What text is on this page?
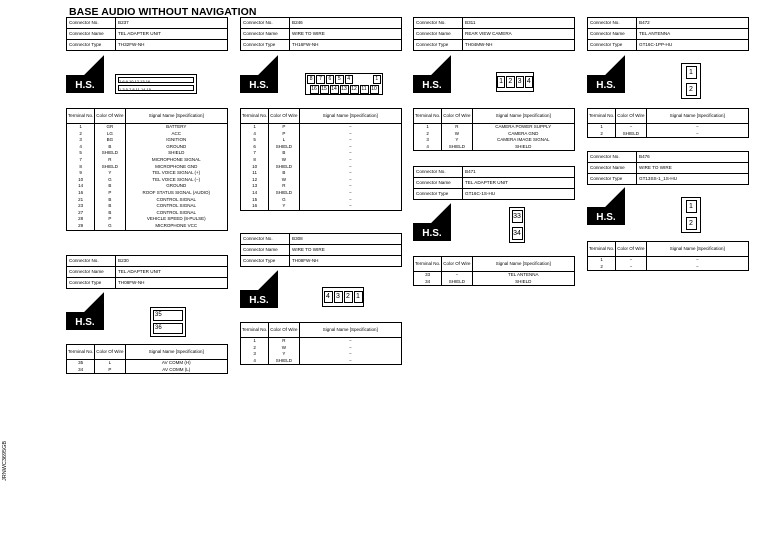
BASE AUDIO WITHOUT NAVIGATION
JRNWC3695GB
Connector No.	B237
Connector Name	TEL ADAPTER UNIT
Connector Type	TH32FW-NH
H.S.	2 6 9 10 12 13 16
1 3 5 7 8 11 14 15
Terminal No.	Color Of Wire	Signal Name [Specification]
1	GR	BATTERY
2	LG	ACC
3	BG	IGNITION
4	B	GROUND
5	SHIELD	SHIELD
7	R	MICROPHONE SIGNAL
8	SHIELD	MICROPHONE GND
9	Y	TEL VOICE SIGNAL (+)
10	G	TEL VOICE SIGNAL (−)
14	B	GROUND
16	P	ROOF STATUS SIGNAL (AUDIO)
21	B	CONTROL SIGNAL
23	B	CONTROL SIGNAL
27	B	CONTROL SIGNAL
28	P	VEHICLE SPEED (8-PULSE)
29	G	MICROPHONE VCC
Connector No.	B230
Connector Name	TEL ADAPTER UNIT
Connector Type	TH08FW-NH
H.S.
35
36
Terminal No.	Color Of Wire	Signal Name [Specification]
35	L	AV COMM (H)
34	P	AV COMM (L)
Connector No.	B246
Connector Name	WIRE TO WIRE
Connector Type	TH16FW-NH
H.S.
8	7	6	5	4	1
16 15 14 13 12 11 10
Terminal No.	Color Of Wire	Signal Name [Specification]
1	P	−
4	P	−
5	L	−
6	SHIELD	−
7	B	−
8	W	−
10	SHIELD	−
11	B	−
12	W	−
13	R	−
14	SHIELD	−
15	G	−
16	Y	−
Connector No.	B308
Connector Name	WIRE TO WIRE
Connector Type	TH08FW-NH
H.S.	4 3 2 1
Terminal No.	Color Of Wire	Signal Name [Specification]
1	R	−
2	W	−
3	Y	−
4	SHIELD	−
Connector No.	B311
Connector Name	REAR VIEW CAMERA
Connector Type	TH04MW-NH
H.S.	1 2 3 4
Terminal No.	Color Of Wire	Signal Name [Specification]
1	R	CAMERA POWER SUPPLY
2	W	CAMERA GND
3	Y	CAMERA IMAGE SIGNAL
4	SHIELD	SHIELD
Connector No.	B471
Connector Name	TEL ADAPTER UNIT
Connector Type	GT16C-1S-HU
H.S.
33
34
Terminal No.	Color Of Wire	Signal Name [Specification]
33	−	TEL ANTENNA
34	SHIELD	SHIELD
Connector No.	B472
Connector Name	TEL ANTENNA
Connector Type	GT16C-1PP-HU
H.S.
1
2
Terminal No.	Color Of Wire	Signal Name [Specification]
1	−	−
2	SHIELD	−
Connector No.	B476
Connector Name	WIRE TO WIRE
Connector Type	GT13SS-1_1S-HU
H.S.
1
2
Terminal No.	Color Of Wire	Signal Name [Specification]
1	−	−
2	−	−
